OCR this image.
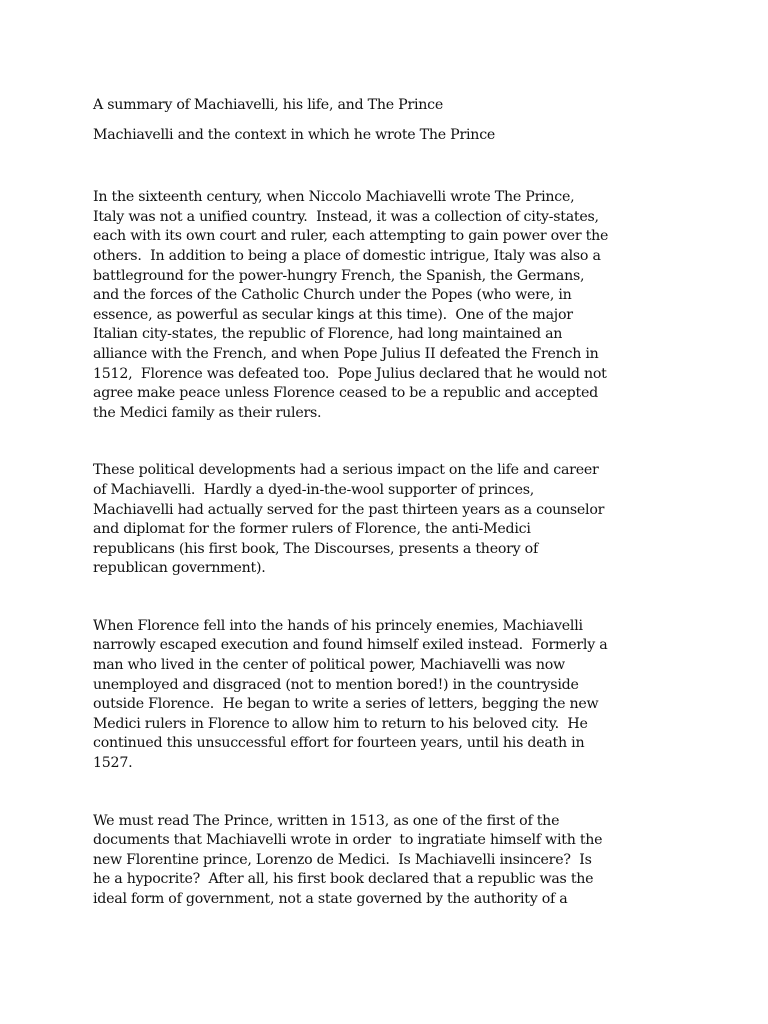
A summary of Machiavelli, his life, and The Prince
Machiavelli and the context in which he wrote The Prince
In the sixteenth century, when Niccolo Machiavelli wrote The Prince,
Italy was not a unified country.  Instead, it was a collection of city-states,
each with its own court and ruler, each attempting to gain power over the
others.  In addition to being a place of domestic intrigue, Italy was also a
battleground for the power-hungry French, the Spanish, the Germans,
and the forces of the Catholic Church under the Popes (who were, in
essence, as powerful as secular kings at this time).  One of the major
Italian city-states, the republic of Florence, had long maintained an
alliance with the French, and when Pope Julius II defeated the French in
1512,  Florence was defeated too.  Pope Julius declared that he would not
agree make peace unless Florence ceased to be a republic and accepted
the Medici family as their rulers.
These political developments had a serious impact on the life and career
of Machiavelli.  Hardly a dyed-in-the-wool supporter of princes,
Machiavelli had actually served for the past thirteen years as a counselor
and diplomat for the former rulers of Florence, the anti-Medici
republicans (his first book, The Discourses, presents a theory of
republican government).
When Florence fell into the hands of his princely enemies, Machiavelli
narrowly escaped execution and found himself exiled instead.  Formerly a
man who lived in the center of political power, Machiavelli was now
unemployed and disgraced (not to mention bored!) in the countryside
outside Florence.  He began to write a series of letters, begging the new
Medici rulers in Florence to allow him to return to his beloved city.  He
continued this unsuccessful effort for fourteen years, until his death in
1527.
We must read The Prince, written in 1513, as one of the first of the
documents that Machiavelli wrote in order  to ingratiate himself with the
new Florentine prince, Lorenzo de Medici.  Is Machiavelli insincere?  Is
he a hypocrite?  After all, his first book declared that a republic was the
ideal form of government, not a state governed by the authority of a
